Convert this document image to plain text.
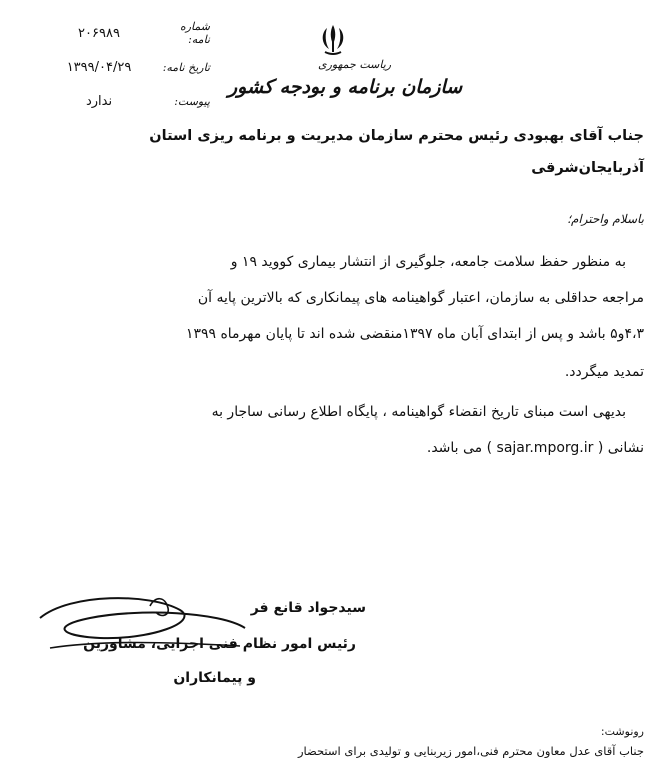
شماره نامه:
۲۰۶۹۸۹
تاریخ نامه:
۱۳۹۹/۰۴/۲۹
پیوست:
ندارد
ریاست جمهوری
سازمان برنامه و بودجه کشور
جناب آقای بهبودی رئیس محترم سازمان مدیریت و برنامه ریزی استان
آذربایجان‌شرقی
باسلام واحترام؛
به منظور حفظ سلامت جامعه، جلوگیری از انتشار بیماری کووید ۱۹ و
مراجعه حداقلی به سازمان، اعتبار گواهینامه های پیمانکاری که بالاترین پایه آن
۴،۳و۵ باشد و پس از ابتدای آبان ماه ۱۳۹۷منقضی شده اند تا پایان مهرماه ۱۳۹۹
تمدید میگردد.
بدیهی است مبنای تاریخ انقضاء گواهینامه ، پایگاه اطلاع رسانی ساجار به
نشانی ( sajar.mporg.ir ) می باشد.
سیدجواد قانع فر
رئیس امور نظام فنی اجرایی، مشاورین
و پیمانکاران
رونوشت:
جناب آقای عدل معاون محترم فنی،امور زیربنایی و تولیدی برای استحضار
